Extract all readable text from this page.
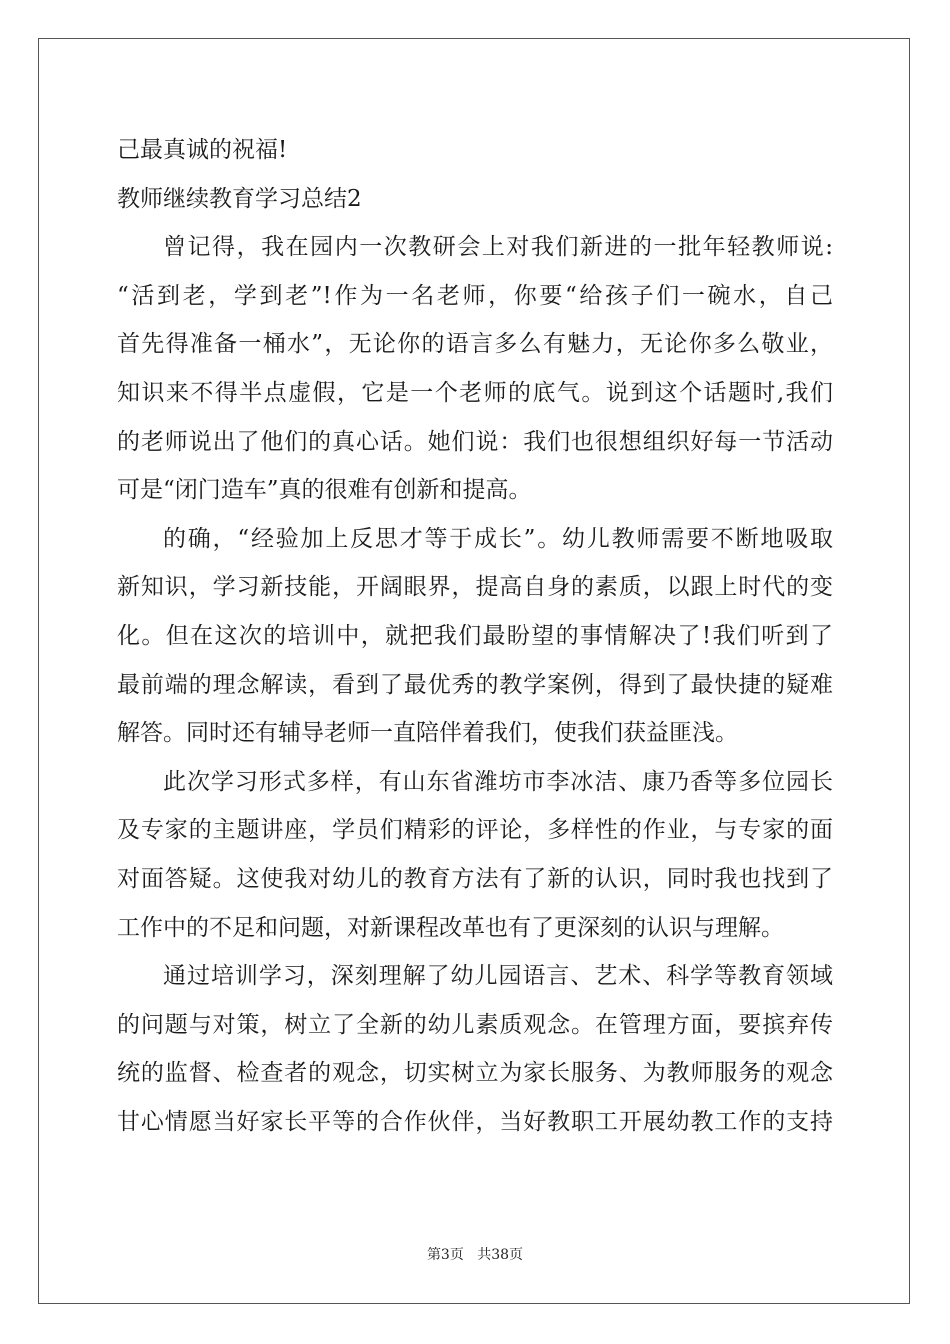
己最真诚的祝福!
教师继续教育学习总结2
曾记得，我在园内一次教研会上对我们新进的一批年轻教师说:
“活到老，学到老”!作为一名老师，你要“给孩子们一碗水，自己
首先得准备一桶水”，无论你的语言多么有魅力，无论你多么敬业，
知识来不得半点虚假，它是一个老师的底气。说到这个话题时,我们
的老师说出了他们的真心话。她们说：我们也很想组织好每一节活动
可是“闭门造车”真的很难有创新和提高。
的确，“经验加上反思才等于成长”。幼儿教师需要不断地吸取
新知识，学习新技能，开阔眼界，提高自身的素质，以跟上时代的变
化。但在这次的培训中，就把我们最盼望的事情解决了!我们听到了
最前端的理念解读，看到了最优秀的教学案例，得到了最快捷的疑难
解答。同时还有辅导老师一直陪伴着我们，使我们获益匪浅。
此次学习形式多样，有山东省潍坊市李冰洁、康乃香等多位园长
及专家的主题讲座，学员们精彩的评论，多样性的作业，与专家的面
对面答疑。这使我对幼儿的教育方法有了新的认识，同时我也找到了
工作中的不足和问题，对新课程改革也有了更深刻的认识与理解。
通过培训学习，深刻理解了幼儿园语言、艺术、科学等教育领域
的问题与对策，树立了全新的幼儿素质观念。在管理方面，要摈弃传
统的监督、检查者的观念，切实树立为家长服务、为教师服务的观念
甘心情愿当好家长平等的合作伙伴，当好教职工开展幼教工作的支持
第3页 共38页
